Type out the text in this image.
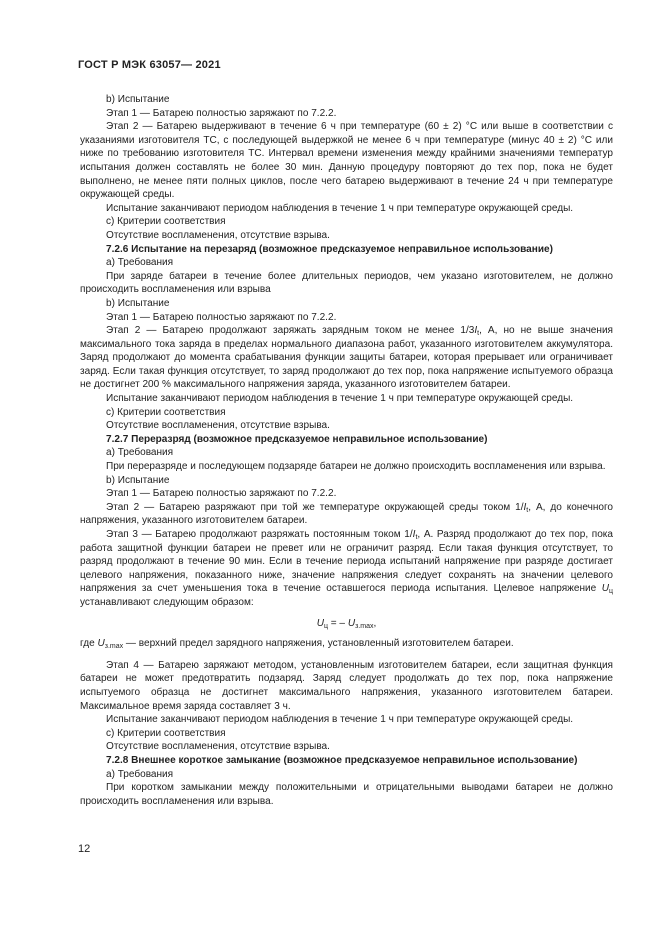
ГОСТ Р МЭК 63057— 2021

b) Испытание

Этап 1 — Батарею полностью заряжают по 7.2.2.

Этап 2 — Батарею выдерживают в течение 6 ч при температуре (60 ± 2) °С или выше в соответствии с указаниями изготовителя ТС, с последующей выдержкой не менее 6 ч при температуре (минус 40 ± 2) °С или ниже по требованию изготовителя ТС. Интервал времени изменения между крайними значениями температур испытания должен составлять не более 30 мин. Данную процедуру повторяют до тех пор, пока не будет выполнено, не менее пяти полных циклов, после чего батарею выдерживают в течение 24 ч при температуре окружающей среды.

Испытание заканчивают периодом наблюдения в течение 1 ч при температуре окружающей среды.

c) Критерии соответствия

Отсутствие воспламенения, отсутствие взрыва.

7.2.6 Испытание на перезаряд (возможное предсказуемое неправильное использование)

а) Требования

При заряде батареи в течение более длительных периодов, чем указано изготовителем, не должно происходить воспламенения или взрыва

b) Испытание

Этап 1 — Батарею полностью заряжают по 7.2.2.

Этап 2 — Батарею продолжают заряжать зарядным током не менее $1/3I_t$, А, но не выше значения максимального тока заряда в пределах нормального диапазона работ, указанного изготовителем аккумулятора. Заряд продолжают до момента срабатывания функции защиты батареи, которая прерывает или ограничивает заряд. Если такая функция отсутствует, то заряд продолжают до тех пор, пока напряжение испытуемого образца не достигнет 200 % максимального напряжения заряда, указанного изготовителем батареи.

Испытание заканчивают периодом наблюдения в течение 1 ч при температуре окружающей среды.

c) Критерии соответствия

Отсутствие воспламенения, отсутствие взрыва.

7.2.7 Переразряд (возможное предсказуемое неправильное использование)

а) Требования

При переразряде и последующем подзаряде батареи не должно происходить воспламенения или взрыва.

b) Испытание

Этап 1 — Батарею полностью заряжают по 7.2.2.

Этап 2 — Батарею разряжают при той же температуре окружающей среды током $1/I_t$, А, до конечного напряжения, указанного изготовителем батареи.

Этап 3 — Батарею продолжают разряжать постоянным током $1/I_t$, А. Разряд продолжают до тех пор, пока работа защитной функции батареи не превет или не ограничит разряд. Если такая функция отсутствует, то разряд продолжают в течение 90 мин. Если в течение периода испытаний напряжение при разряде достигает целевого напряжения, показанного ниже, значение напряжения следует сохранять на значении целевого напряжения за счет уменьшения тока в течение оставшегося периода испытания. Целевое напряжение $U_ц$ устанавливают следующим образом:

$U_ц$ = – $U_{з.max}$,

где $U_{з.max}$ — верхний предел зарядного напряжения, установленный изготовителем батареи.

Этап 4 — Батарею заряжают методом, установленным изготовителем батареи, если защитная функция батареи не может предотвратить подзаряд. Заряд следует продолжать до тех пор, пока напряжение испытуемого образца не достигнет максимального напряжения, указанного изготовителем батареи. Максимальное время заряда составляет 3 ч.

Испытание заканчивают периодом наблюдения в течение 1 ч при температуре окружающей среды.

c) Критерии соответствия

Отсутствие воспламенения, отсутствие взрыва.

7.2.8 Внешнее короткое замыкание (возможное предсказуемое неправильное использование)

а) Требования

При коротком замыкании между положительными и отрицательными выводами батареи не должно происходить воспламенения или взрыва.

12
